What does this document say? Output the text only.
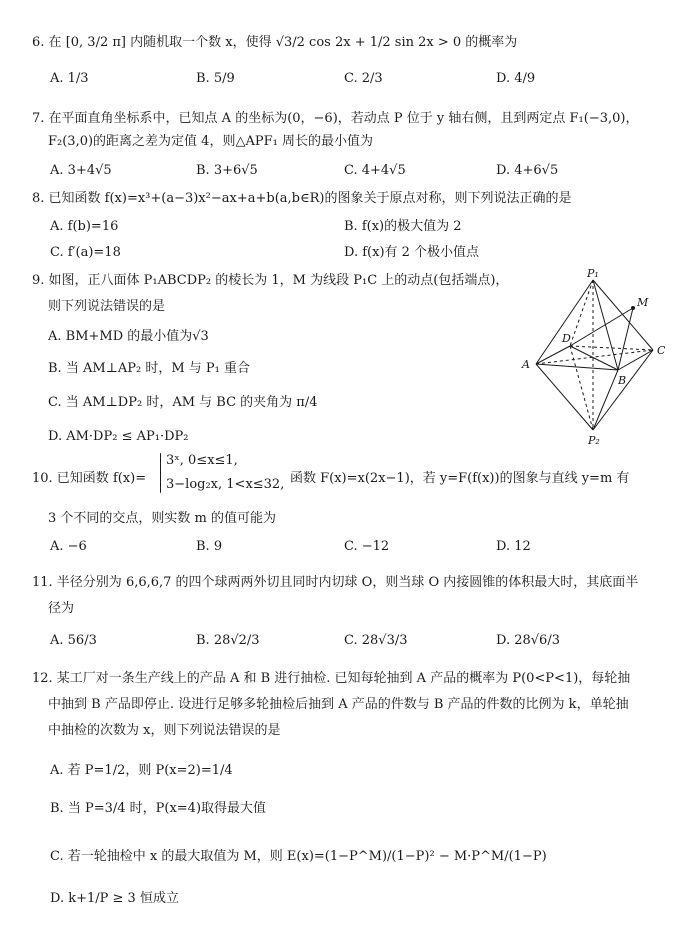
6. 在 [0, 3/2 π] 内随机取一个数 x，使得 √3/2 cos 2x + 1/2 sin 2x > 0 的概率为
A. 1/3	B. 5/9	C. 2/3	D. 4/9
7. 在平面直角坐标系中，已知点 A 的坐标为(0，−6)，若动点 P 位于 y 轴右侧，且到两定点 F₁(−3,0)，
F₂(3,0)的距离之差为定值 4，则△APF₁ 周长的最小值为
A. 3+4√5	B. 3+6√5	C. 4+4√5	D. 4+6√5
8. 已知函数 f(x)=x³+(a−3)x²−ax+a+b(a,b∈R)的图象关于原点对称，则下列说法正确的是
A. f(b)=16	B. f(x)的极大值为 2
C. f′(a)=18	D. f(x)有 2 个极小值点
9. 如图，正八面体 P₁ABCDP₂ 的棱长为 1，M 为线段 P₁C 上的动点(包括端点)，
则下列说法错误的是
A. BM+MD 的最小值为√3
B. 当 AM⊥AP₂ 时，M 与 P₁ 重合
C. 当 AM⊥DP₂ 时，AM 与 BC 的夹角为 π/4
D. AM·DP₂ ≤ AP₁·DP₂
P₁
P₂
A
B
C
D
M
10. 已知函数 f(x)=
3ˣ, 0≤x≤1,
3−log₂x, 1<x≤32, 函数 F(x)=x(2x−1)，若 y=F(f(x))的图象与直线 y=m 有
3 个不同的交点，则实数 m 的值可能为
A. −6	B. 9	C. −12	D. 12
11. 半径分别为 6,6,6,7 的四个球两两外切且同时内切球 O，则当球 O 内接圆锥的体积最大时，其底面半
径为
A. 56/3	B. 28√2/3	C. 28√3/3	D. 28√6/3
12. 某工厂对一条生产线上的产品 A 和 B 进行抽检. 已知每轮抽到 A 产品的概率为 P(0<P<1)，每轮抽
中抽到 B 产品即停止. 设进行足够多轮抽检后抽到 A 产品的件数与 B 产品的件数的比例为 k，单轮抽
中抽检的次数为 x，则下列说法错误的是
A. 若 P=1/2，则 P(x=2)=1/4
B. 当 P=3/4 时，P(x=4)取得最大值
C. 若一轮抽检中 x 的最大取值为 M，则 E(x)=(1−P^M)/(1−P)² − M·P^M/(1−P)
D. k+1/P ≥ 3 恒成立
